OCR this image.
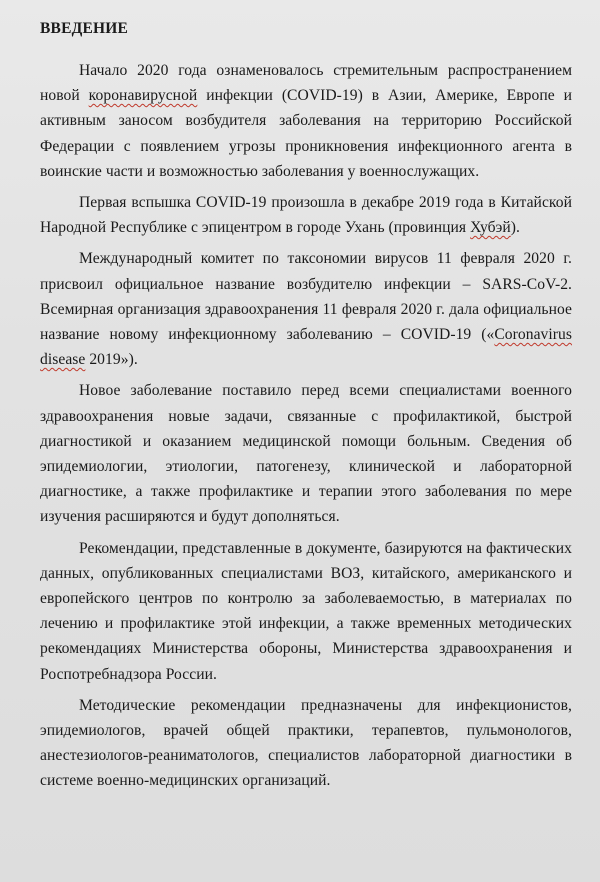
ВВЕДЕНИЕ

Начало 2020 года ознаменовалось стремительным распространением новой коронавирусной инфекции (COVID-19) в Азии, Америке, Европе и активным заносом возбудителя заболевания на территорию Российской Федерации с появлением угрозы проникновения инфекционного агента в воинские части и возможностью заболевания у военнослужащих.

Первая вспышка COVID-19 произошла в декабре 2019 года в Китайской Народной Республике с эпицентром в городе Ухань (провинция Хубэй).

Международный комитет по таксономии вирусов 11 февраля 2020 г. присвоил официальное название возбудителю инфекции – SARS-CoV-2. Всемирная организация здравоохранения 11 февраля 2020 г. дала официальное название новому инфекционному заболеванию – COVID-19 («Coronavirus disease 2019»).

Новое заболевание поставило перед всеми специалистами военного здравоохранения новые задачи, связанные с профилактикой, быстрой диагностикой и оказанием медицинской помощи больным. Сведения об эпидемиологии, этиологии, патогенезу, клинической и лабораторной диагностике, а также профилактике и терапии этого заболевания по мере изучения расширяются и будут дополняться.

Рекомендации, представленные в документе, базируются на фактических данных, опубликованных специалистами ВОЗ, китайского, американского и европейского центров по контролю за заболеваемостью, в материалах по лечению и профилактике этой инфекции, а также временных методических рекомендациях Министерства обороны, Министерства здравоохранения и Роспотребнадзора России.

Методические рекомендации предназначены для инфекционистов, эпидемиологов, врачей общей практики, терапевтов, пульмонологов, анестезиологов-реаниматологов, специалистов лабораторной диагностики в системе военно-медицинских организаций.
